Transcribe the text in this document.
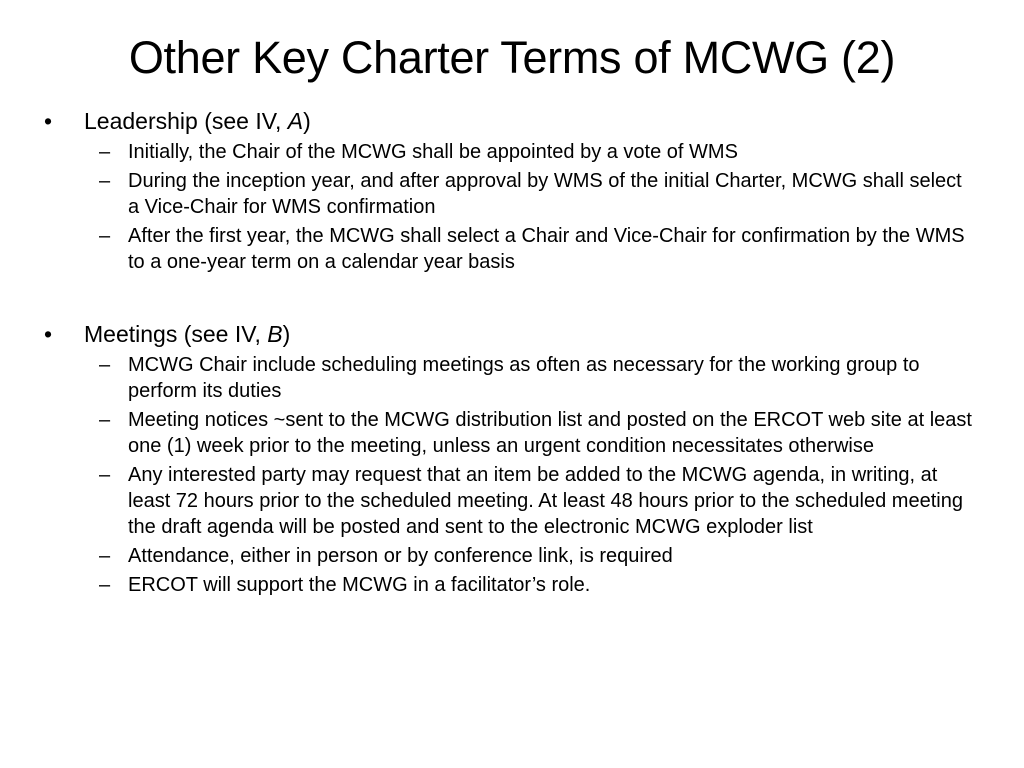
Other Key Charter Terms of MCWG (2)
•	Leadership (see IV, A)
– Initially, the Chair of the MCWG shall be appointed by a vote of WMS
– During the inception year, and after approval by WMS of the initial Charter, MCWG shall select a Vice-Chair for WMS confirmation
– After the first year, the MCWG shall select a Chair and Vice-Chair for confirmation by the WMS to a one-year term on a calendar year basis
•	Meetings (see IV, B)
– MCWG Chair include scheduling meetings as often as necessary for the working group to perform its duties
– Meeting notices ~sent to the MCWG distribution list and posted on the ERCOT web site at least one (1) week prior to the meeting, unless an urgent condition necessitates otherwise
– Any interested party may request that an item be added to the MCWG agenda, in writing, at least 72 hours prior to the scheduled meeting. At least 48 hours prior to the scheduled meeting the draft agenda will be posted and sent to the electronic MCWG exploder list
– Attendance, either in person or by conference link, is required
– ERCOT will support the MCWG in a facilitator’s role.
